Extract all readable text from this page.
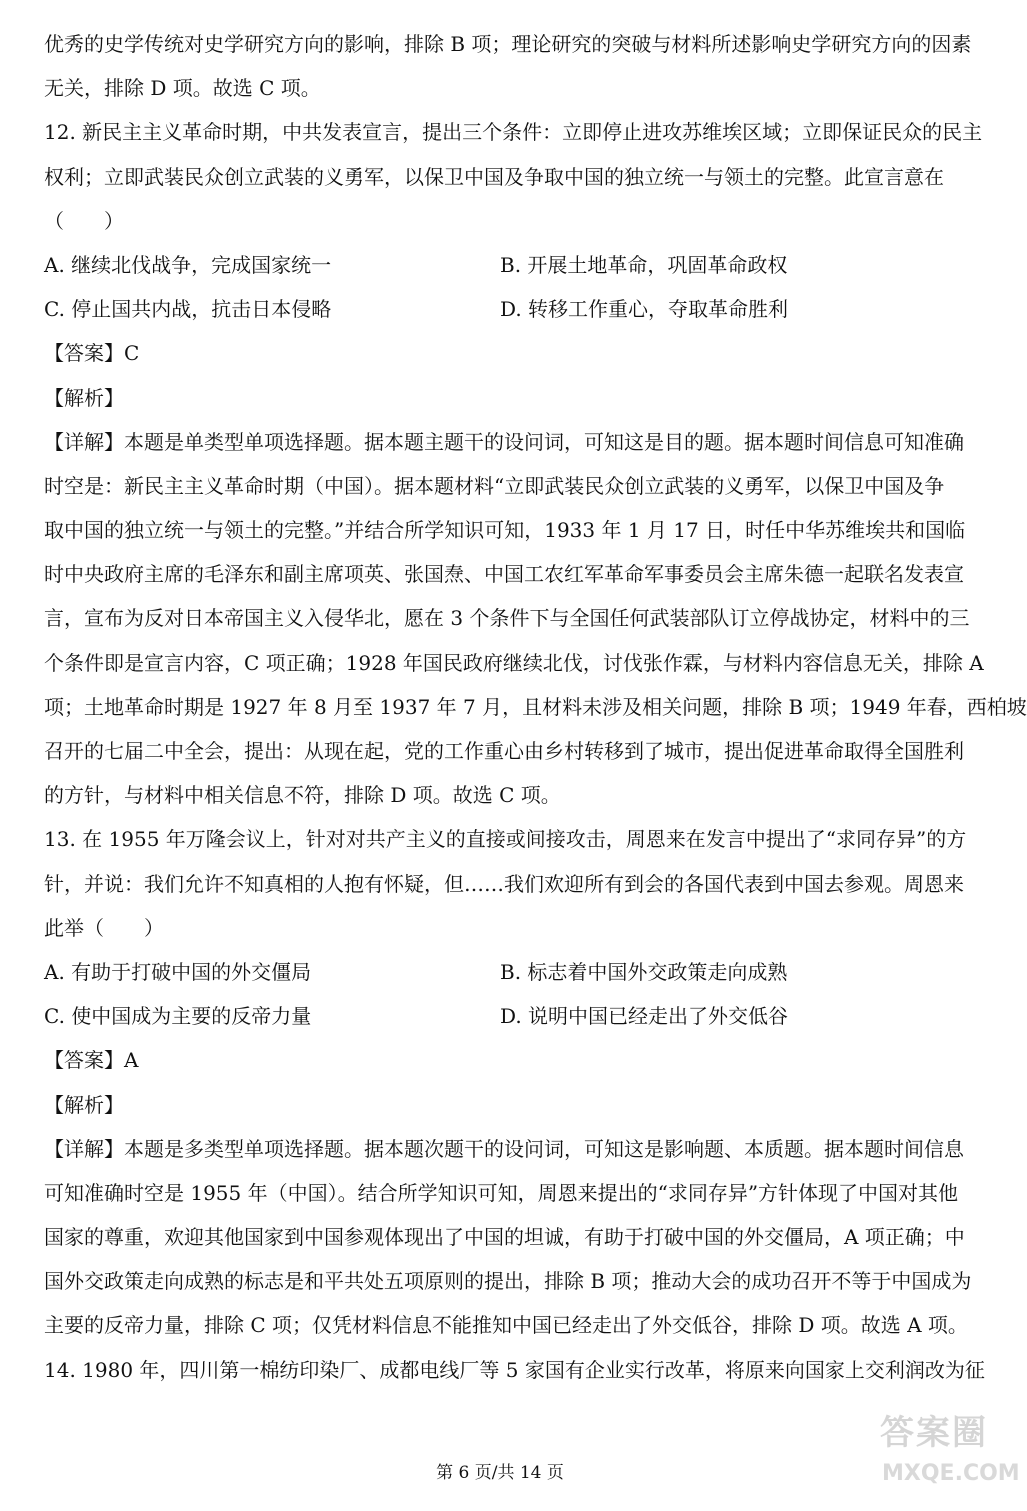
优秀的史学传统对史学研究方向的影响，排除 B 项；理论研究的突破与材料所述影响史学研究方向的因素
无关，排除 D 项。故选 C 项。
12. 新民主主义革命时期，中共发表宣言，提出三个条件：立即停止进攻苏维埃区域；立即保证民众的民主
权利；立即武装民众创立武装的义勇军，以保卫中国及争取中国的独立统一与领土的完整。此宣言意在
（　　）
A. 继续北伐战争，完成国家统一	B. 开展土地革命，巩固革命政权
C. 停止国共内战，抗击日本侵略	D. 转移工作重心，夺取革命胜利
【答案】C
【解析】
【详解】本题是单类型单项选择题。据本题主题干的设问词，可知这是目的题。据本题时间信息可知准确
时空是：新民主主义革命时期（中国）。据本题材料“立即武装民众创立武装的义勇军，以保卫中国及争
取中国的独立统一与领土的完整。”并结合所学知识可知，1933 年 1 月 17 日，时任中华苏维埃共和国临
时中央政府主席的毛泽东和副主席项英、张国焘、中国工农红军革命军事委员会主席朱德一起联名发表宣
言，宣布为反对日本帝国主义入侵华北，愿在 3 个条件下与全国任何武装部队订立停战协定，材料中的三
个条件即是宣言内容，C 项正确；1928 年国民政府继续北伐，讨伐张作霖，与材料内容信息无关，排除 A
项；土地革命时期是 1927 年 8 月至 1937 年 7 月，且材料未涉及相关问题，排除 B 项；1949 年春，西柏坡
召开的七届二中全会，提出：从现在起，党的工作重心由乡村转移到了城市，提出促进革命取得全国胜利
的方针，与材料中相关信息不符，排除 D 项。故选 C 项。
13. 在 1955 年万隆会议上，针对对共产主义的直接或间接攻击，周恩来在发言中提出了“求同存异”的方
针，并说：我们允许不知真相的人抱有怀疑，但……我们欢迎所有到会的各国代表到中国去参观。周恩来
此举（　　）
A. 有助于打破中国的外交僵局	B. 标志着中国外交政策走向成熟
C. 使中国成为主要的反帝力量	D. 说明中国已经走出了外交低谷
【答案】A
【解析】
【详解】本题是多类型单项选择题。据本题次题干的设问词，可知这是影响题、本质题。据本题时间信息
可知准确时空是 1955 年（中国）。结合所学知识可知，周恩来提出的“求同存异”方针体现了中国对其他
国家的尊重，欢迎其他国家到中国参观体现出了中国的坦诚，有助于打破中国的外交僵局，A 项正确；中
国外交政策走向成熟的标志是和平共处五项原则的提出，排除 B 项；推动大会的成功召开不等于中国成为
主要的反帝力量，排除 C 项；仅凭材料信息不能推知中国已经走出了外交低谷，排除 D 项。故选 A 项。
14. 1980 年，四川第一棉纺印染厂、成都电线厂等 5 家国有企业实行改革，将原来向国家上交利润改为征
第 6 页/共 14 页
答案圈
MXQE.COM
